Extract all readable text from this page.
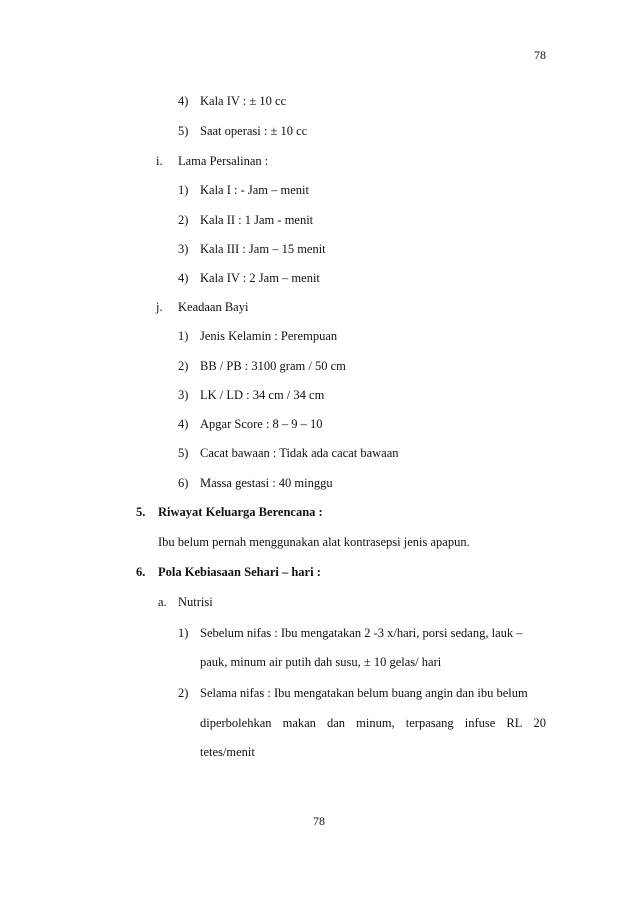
78
4) Kala IV : ± 10 cc
5) Saat operasi : ± 10 cc
i. Lama Persalinan :
1) Kala I : - Jam – menit
2) Kala II : 1 Jam - menit
3) Kala III : Jam – 15 menit
4) Kala IV : 2 Jam – menit
j. Keadaan Bayi
1) Jenis Kelamin : Perempuan
2) BB / PB : 3100 gram / 50 cm
3) LK / LD : 34 cm / 34 cm
4) Apgar Score : 8 – 9 – 10
5) Cacat bawaan : Tidak ada cacat bawaan
6) Massa gestasi : 40 minggu
5. Riwayat Keluarga Berencana :
Ibu belum pernah menggunakan alat kontrasepsi jenis apapun.
6. Pola Kebiasaan Sehari – hari :
a. Nutrisi
1) Sebelum nifas : Ibu mengatakan 2 -3 x/hari, porsi sedang, lauk –
pauk, minum air putih dah susu, ± 10 gelas/ hari
2) Selama nifas : Ibu mengatakan belum buang angin dan ibu belum
diperbolehkan makan dan minum, terpasang infuse RL 20
tetes/menit
78
